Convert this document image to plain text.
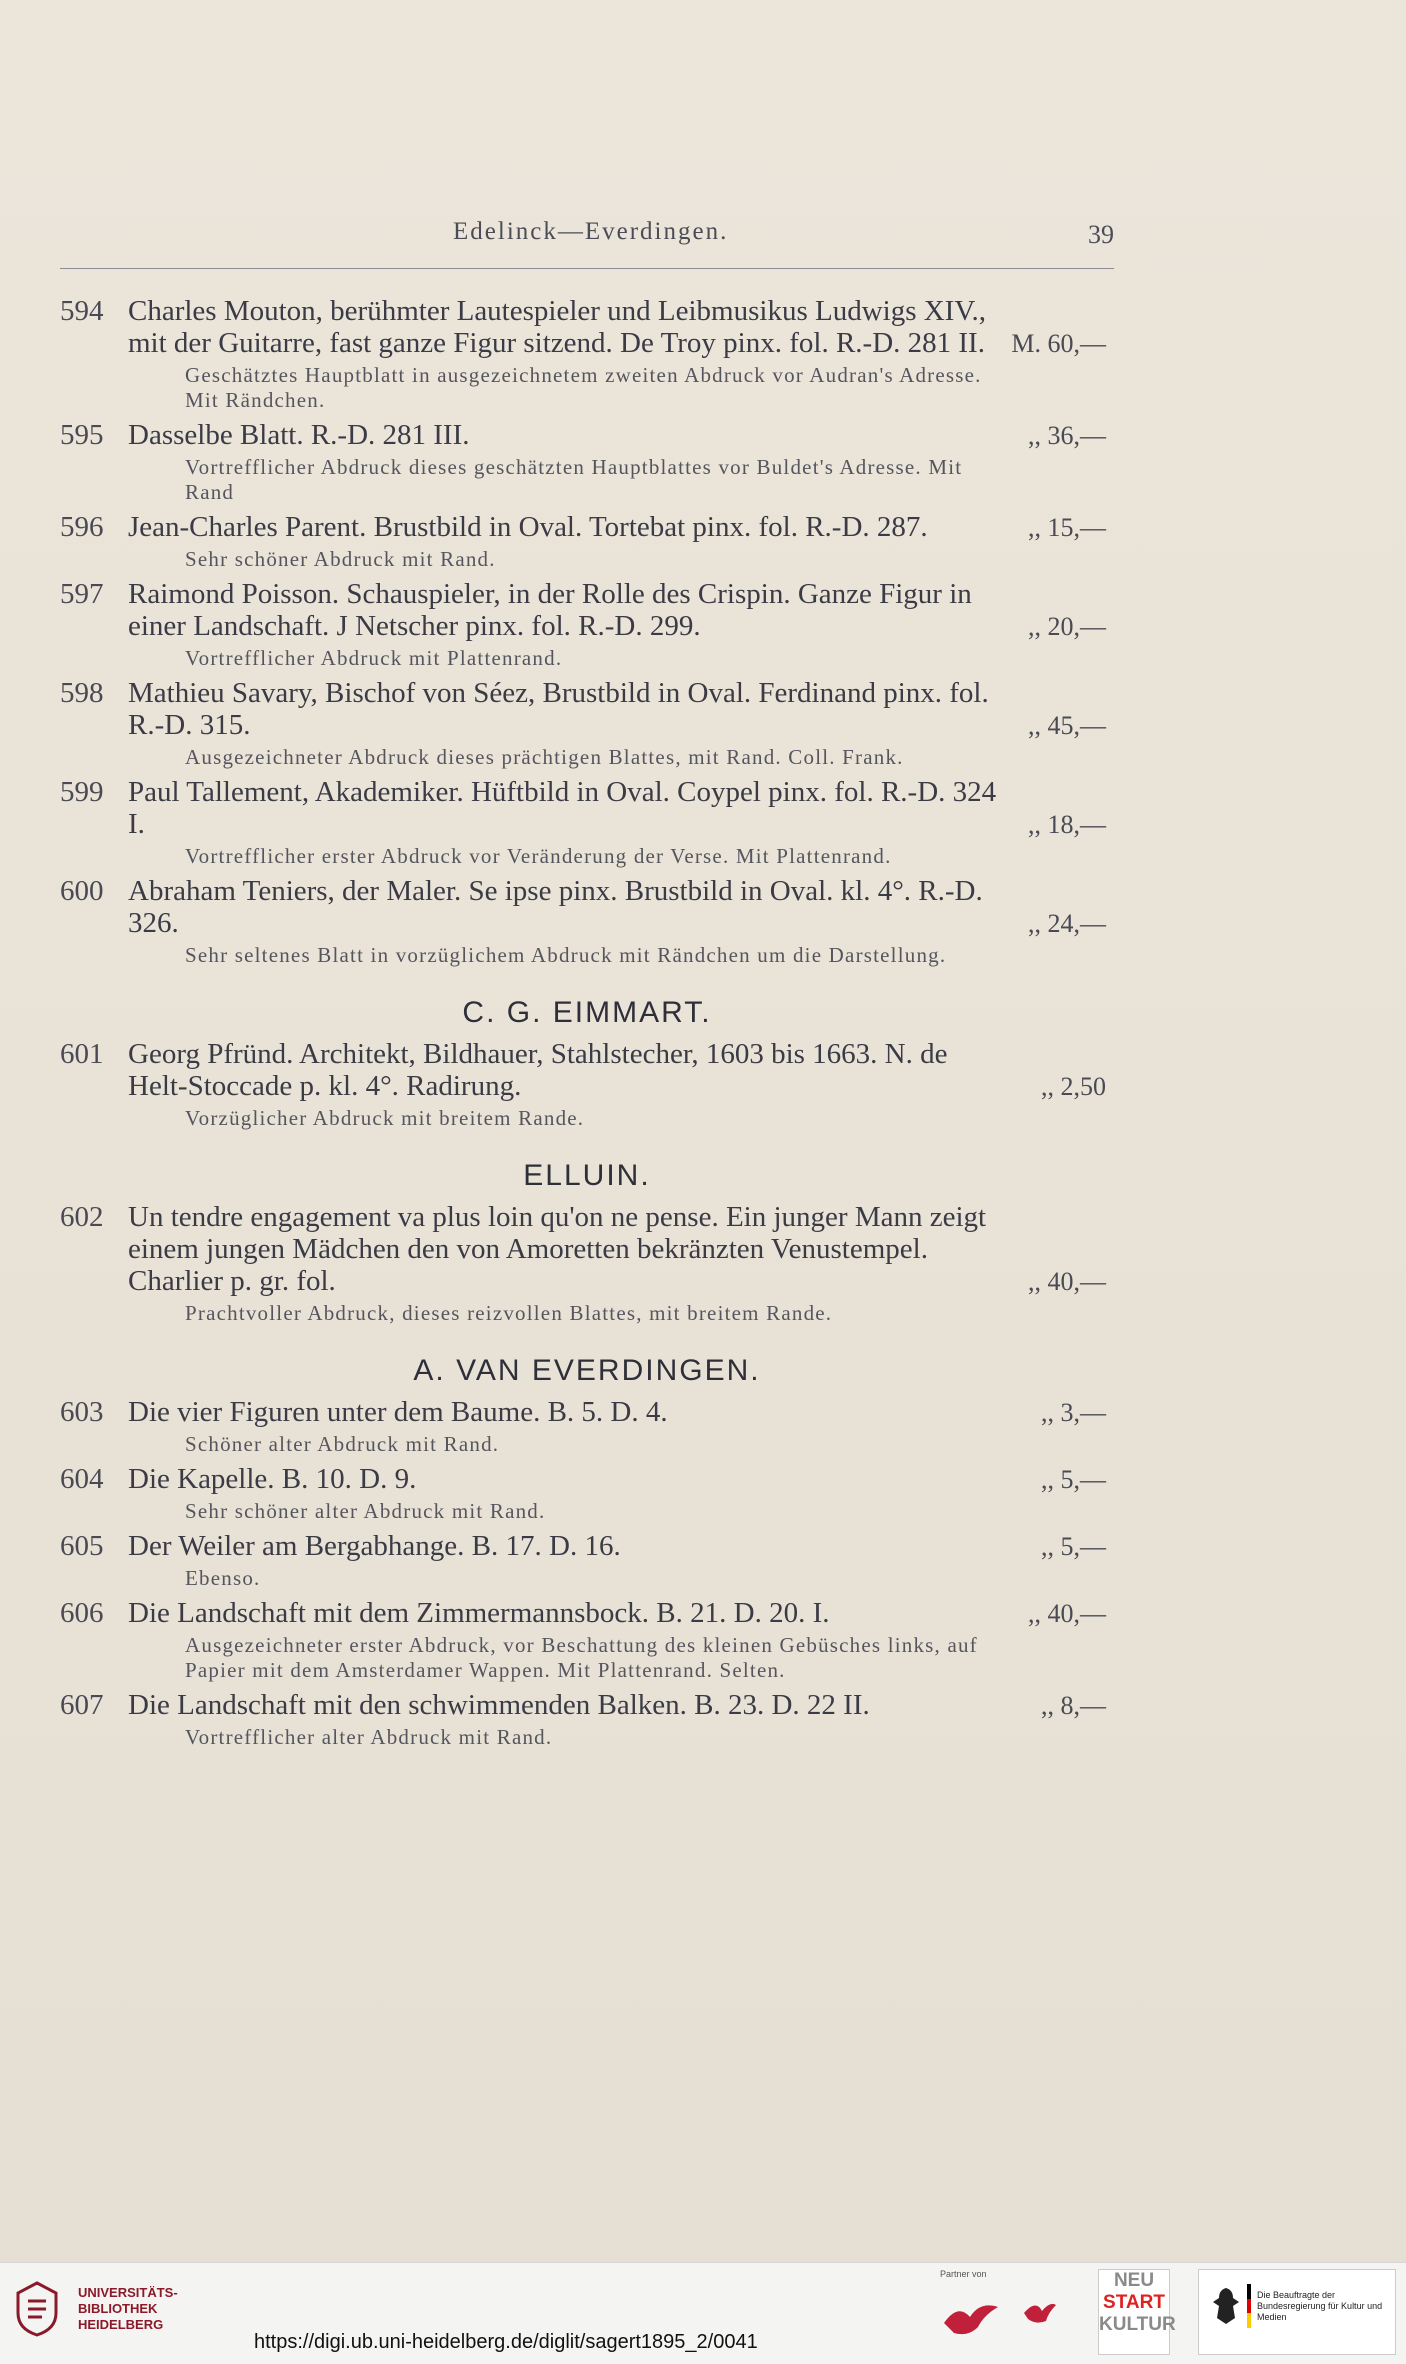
Edelinck—Everdingen.	39
594 Charles Mouton, berühmter Lautespieler und Leibmusikus Ludwigs XIV., mit der Guitarre, fast ganze Figur sitzend. De Troy pinx. fol. R.-D. 281 II.	M. 60,—
Geschätztes Hauptblatt in ausgezeichnetem zweiten Abdruck vor Audran's Adresse. Mit Rändchen.
595 Dasselbe Blatt. R.-D. 281 III.	,, 36,—
Vortrefflicher Abdruck dieses geschätzten Hauptblattes vor Buldet's Adresse. Mit Rand
596 Jean-Charles Parent. Brustbild in Oval. Tortebat pinx. fol. R.-D. 287.	,, 15,—
Sehr schöner Abdruck mit Rand.
597 Raimond Poisson. Schauspieler, in der Rolle des Crispin. Ganze Figur in einer Landschaft. J Netscher pinx. fol. R.-D. 299.	,, 20,—
Vortrefflicher Abdruck mit Plattenrand.
598 Mathieu Savary, Bischof von Séez, Brustbild in Oval. Ferdinand pinx. fol. R.-D. 315.	,, 45,—
Ausgezeichneter Abdruck dieses prächtigen Blattes, mit Rand. Coll. Frank.
599 Paul Tallement, Akademiker. Hüftbild in Oval. Coypel pinx. fol. R.-D. 324 I.	,, 18,—
Vortrefflicher erster Abdruck vor Veränderung der Verse. Mit Plattenrand.
600 Abraham Teniers, der Maler. Se ipse pinx. Brustbild in Oval. kl. 4°. R.-D. 326.	,, 24,—
Sehr seltenes Blatt in vorzüglichem Abdruck mit Rändchen um die Darstellung.
C. G. EIMMART.
601 Georg Pfründ. Architekt, Bildhauer, Stahlstecher, 1603 bis 1663. N. de Helt-Stoccade p. kl. 4°. Radirung.	,, 2,50
Vorzüglicher Abdruck mit breitem Rande.
ELLUIN.
602 Un tendre engagement va plus loin qu'on ne pense. Ein junger Mann zeigt einem jungen Mädchen den von Amoretten bekränzten Venustempel. Charlier p. gr. fol.	,, 40,—
Prachtvoller Abdruck, dieses reizvollen Blattes, mit breitem Rande.
A. VAN EVERDINGEN.
603 Die vier Figuren unter dem Baume. B. 5. D. 4.	,, 3,—
Schöner alter Abdruck mit Rand.
604 Die Kapelle. B. 10. D. 9.	,, 5,—
Sehr schöner alter Abdruck mit Rand.
605 Der Weiler am Bergabhange. B. 17. D. 16.	,, 5,—
Ebenso.
606 Die Landschaft mit dem Zimmermannsbock. B. 21. D. 20. I.	,, 40,—
Ausgezeichneter erster Abdruck, vor Beschattung des kleinen Gebüsches links, auf Papier mit dem Amsterdamer Wappen. Mit Plattenrand. Selten.
607 Die Landschaft mit den schwimmenden Balken. B. 23. D. 22 II.	,, 8,—
Vortrefflicher alter Abdruck mit Rand.
UNIVERSITÄTS-
BIBLIOTHEK
HEIDELBERG
Partner von	NEU
START
KULTUR
Die Beauftragte der Bundesregierung für Kultur und Medien
https://digi.ub.uni-heidelberg.de/diglit/sagert1895_2/0041
